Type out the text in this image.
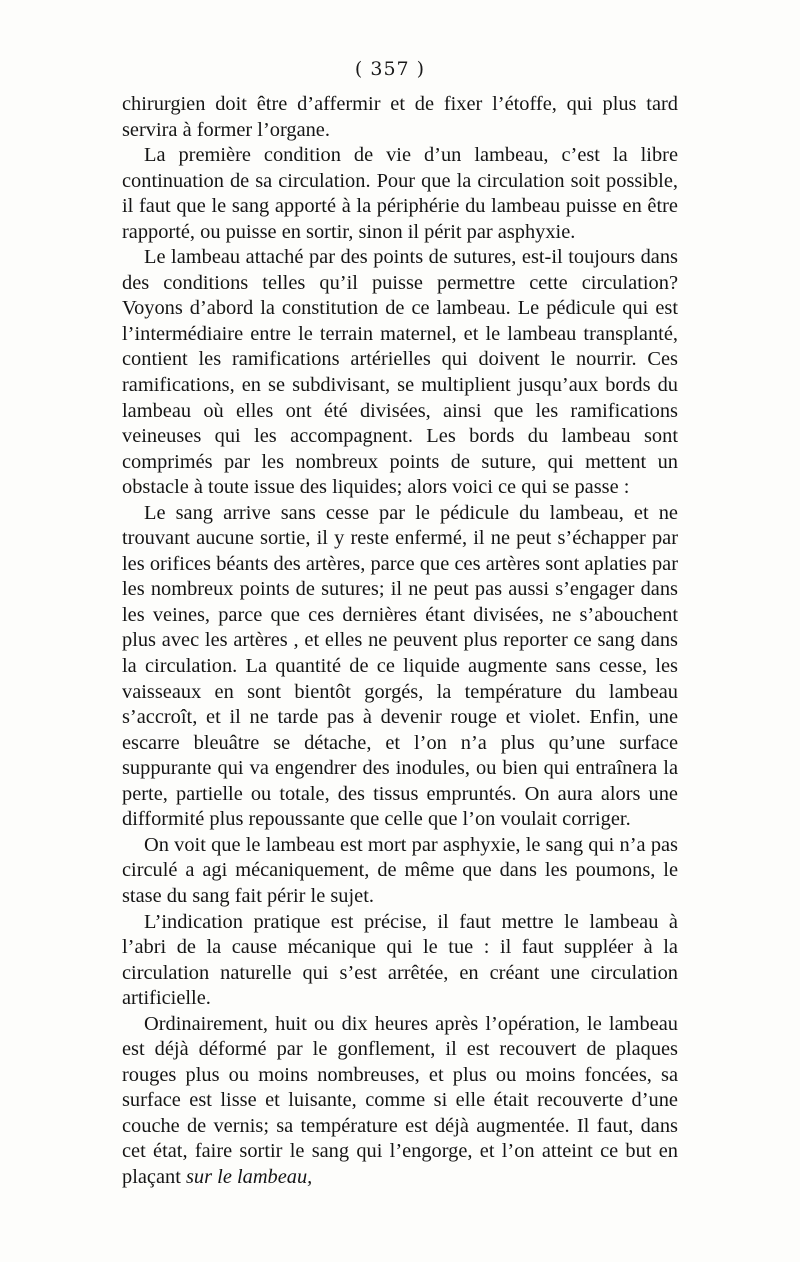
( 357 )

chirurgien doit être d’affermir et de fixer l’étoffe, qui plus tard servira à former l’organe.

La première condition de vie d’un lambeau, c’est la libre continuation de sa circulation. Pour que la circulation soit possible, il faut que le sang apporté à la périphérie du lambeau puisse en être rapporté, ou puisse en sortir, sinon il périt par asphyxie.

Le lambeau attaché par des points de sutures, est-il toujours dans des conditions telles qu’il puisse permettre cette circulation? Voyons d’abord la constitution de ce lambeau. Le pédicule qui est l’intermédiaire entre le terrain maternel, et le lambeau transplanté, contient les ramifications artérielles qui doivent le nourrir. Ces ramifications, en se subdivisant, se multiplient jusqu’aux bords du lambeau où elles ont été divisées, ainsi que les ramifications veineuses qui les accompagnent. Les bords du lambeau sont comprimés par les nombreux points de suture, qui mettent un obstacle à toute issue des liquides; alors voici ce qui se passe :

Le sang arrive sans cesse par le pédicule du lambeau, et ne trouvant aucune sortie, il y reste enfermé, il ne peut s’échapper par les orifices béants des artères, parce que ces artères sont aplaties par les nombreux points de sutures; il ne peut pas aussi s’engager dans les veines, parce que ces dernières étant divisées, ne s’abouchent plus avec les artères , et elles ne peuvent plus reporter ce sang dans la circulation. La quantité de ce liquide augmente sans cesse, les vaisseaux en sont bientôt gorgés, la température du lambeau s’accroît, et il ne tarde pas à devenir rouge et violet. Enfin, une escarre bleuâtre se détache, et l’on n’a plus qu’une surface suppurante qui va engendrer des inodules, ou bien qui entraînera la perte, partielle ou totale, des tissus empruntés. On aura alors une difformité plus repoussante que celle que l’on voulait corriger.

On voit que le lambeau est mort par asphyxie, le sang qui n’a pas circulé a agi mécaniquement, de même que dans les poumons, le stase du sang fait périr le sujet.

L’indication pratique est précise, il faut mettre le lambeau à l’abri de la cause mécanique qui le tue : il faut suppléer à la circulation naturelle qui s’est arrêtée, en créant une circulation artificielle.

Ordinairement, huit ou dix heures après l’opération, le lambeau est déjà déformé par le gonflement, il est recouvert de plaques rouges plus ou moins nombreuses, et plus ou moins foncées, sa surface est lisse et luisante, comme si elle était recouverte d’une couche de vernis; sa température est déjà augmentée. Il faut, dans cet état, faire sortir le sang qui l’engorge, et l’on atteint ce but en plaçant sur le lambeau,
